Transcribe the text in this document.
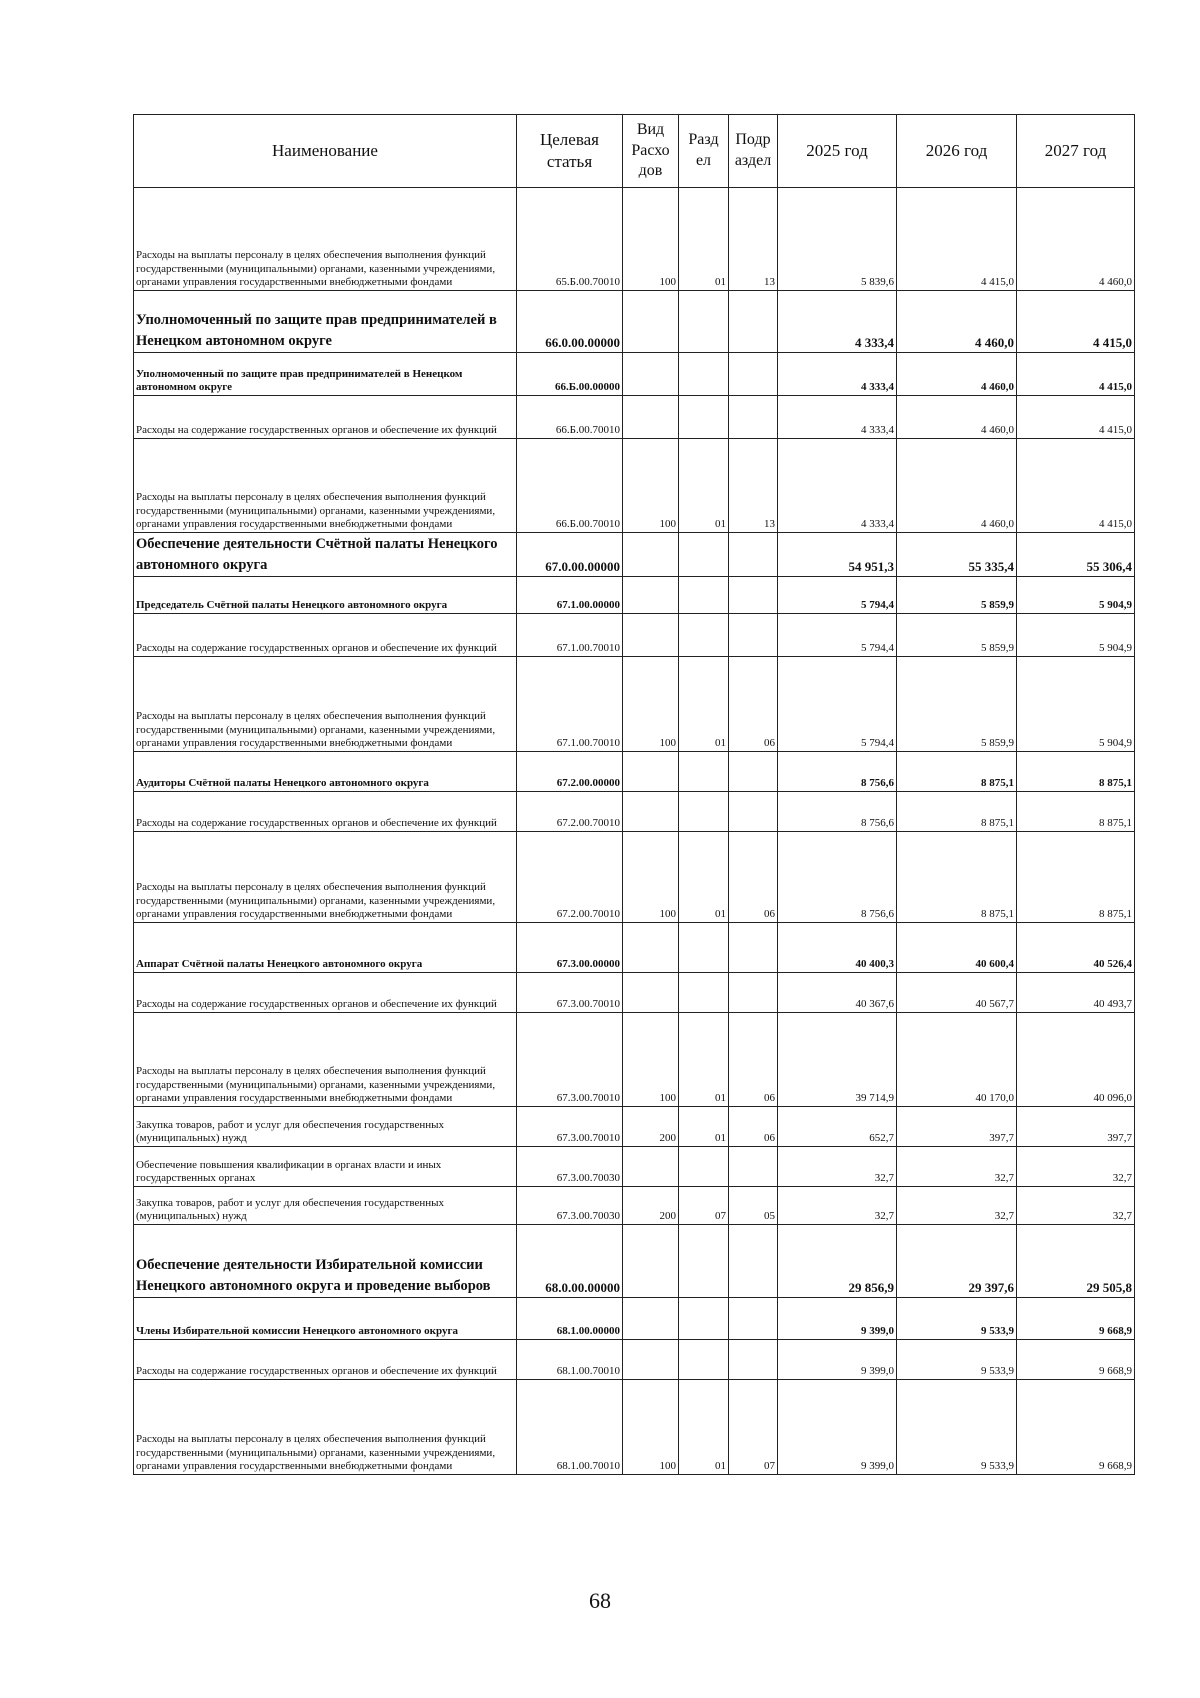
Наименование	Целевая статья	Вид Расхо дов	Разд ел	Подр аздел	2025 год	2026 год	2027 год
Расходы на выплаты персоналу в целях обеспечения выполнения функций государственными (муниципальными) органами, казенными учреждениями, органами управления государственными внебюджетными фондами	65.Б.00.70010	100	01	13	5 839,6	4 415,0	4 460,0
Уполномоченный по защите прав предпринимателей в Ненецком автономном округе	66.0.00.00000				4 333,4	4 460,0	4 415,0
Уполномоченный по защите прав предпринимателей в Ненецком автономном округе	66.Б.00.00000				4 333,4	4 460,0	4 415,0
Расходы на содержание государственных органов и обеспечение их функций	66.Б.00.70010				4 333,4	4 460,0	4 415,0
Расходы на выплаты персоналу в целях обеспечения выполнения функций государственными (муниципальными) органами, казенными учреждениями, органами управления государственными внебюджетными фондами	66.Б.00.70010	100	01	13	4 333,4	4 460,0	4 415,0
Обеспечение деятельности Счётной палаты Ненецкого автономного округа	67.0.00.00000				54 951,3	55 335,4	55 306,4
Председатель Счётной палаты Ненецкого автономного округа	67.1.00.00000				5 794,4	5 859,9	5 904,9
Расходы на содержание государственных органов и обеспечение их функций	67.1.00.70010				5 794,4	5 859,9	5 904,9
Расходы на выплаты персоналу в целях обеспечения выполнения функций государственными (муниципальными) органами, казенными учреждениями, органами управления государственными внебюджетными фондами	67.1.00.70010	100	01	06	5 794,4	5 859,9	5 904,9
Аудиторы Счётной палаты Ненецкого автономного округа	67.2.00.00000				8 756,6	8 875,1	8 875,1
Расходы на содержание государственных органов и обеспечение их функций	67.2.00.70010				8 756,6	8 875,1	8 875,1
Расходы на выплаты персоналу в целях обеспечения выполнения функций государственными (муниципальными) органами, казенными учреждениями, органами управления государственными внебюджетными фондами	67.2.00.70010	100	01	06	8 756,6	8 875,1	8 875,1
Аппарат Счётной палаты Ненецкого автономного округа	67.3.00.00000				40 400,3	40 600,4	40 526,4
Расходы на содержание государственных органов и обеспечение их функций	67.3.00.70010				40 367,6	40 567,7	40 493,7
Расходы на выплаты персоналу в целях обеспечения выполнения функций государственными (муниципальными) органами, казенными учреждениями, органами управления государственными внебюджетными фондами	67.3.00.70010	100	01	06	39 714,9	40 170,0	40 096,0
Закупка товаров, работ и услуг для обеспечения государственных (муниципальных) нужд	67.3.00.70010	200	01	06	652,7	397,7	397,7
Обеспечение повышения квалификации в органах власти и иных государственных органах	67.3.00.70030				32,7	32,7	32,7
Закупка товаров, работ и услуг для обеспечения государственных (муниципальных) нужд	67.3.00.70030	200	07	05	32,7	32,7	32,7
Обеспечение деятельности Избирательной комиссии Ненецкого автономного округа и проведение выборов	68.0.00.00000				29 856,9	29 397,6	29 505,8
Члены Избирательной комиссии Ненецкого автономного округа	68.1.00.00000				9 399,0	9 533,9	9 668,9
Расходы на содержание государственных органов и обеспечение их функций	68.1.00.70010				9 399,0	9 533,9	9 668,9
Расходы на выплаты персоналу в целях обеспечения выполнения функций государственными (муниципальными) органами, казенными учреждениями, органами управления государственными внебюджетными фондами	68.1.00.70010	100	01	07	9 399,0	9 533,9	9 668,9
68
